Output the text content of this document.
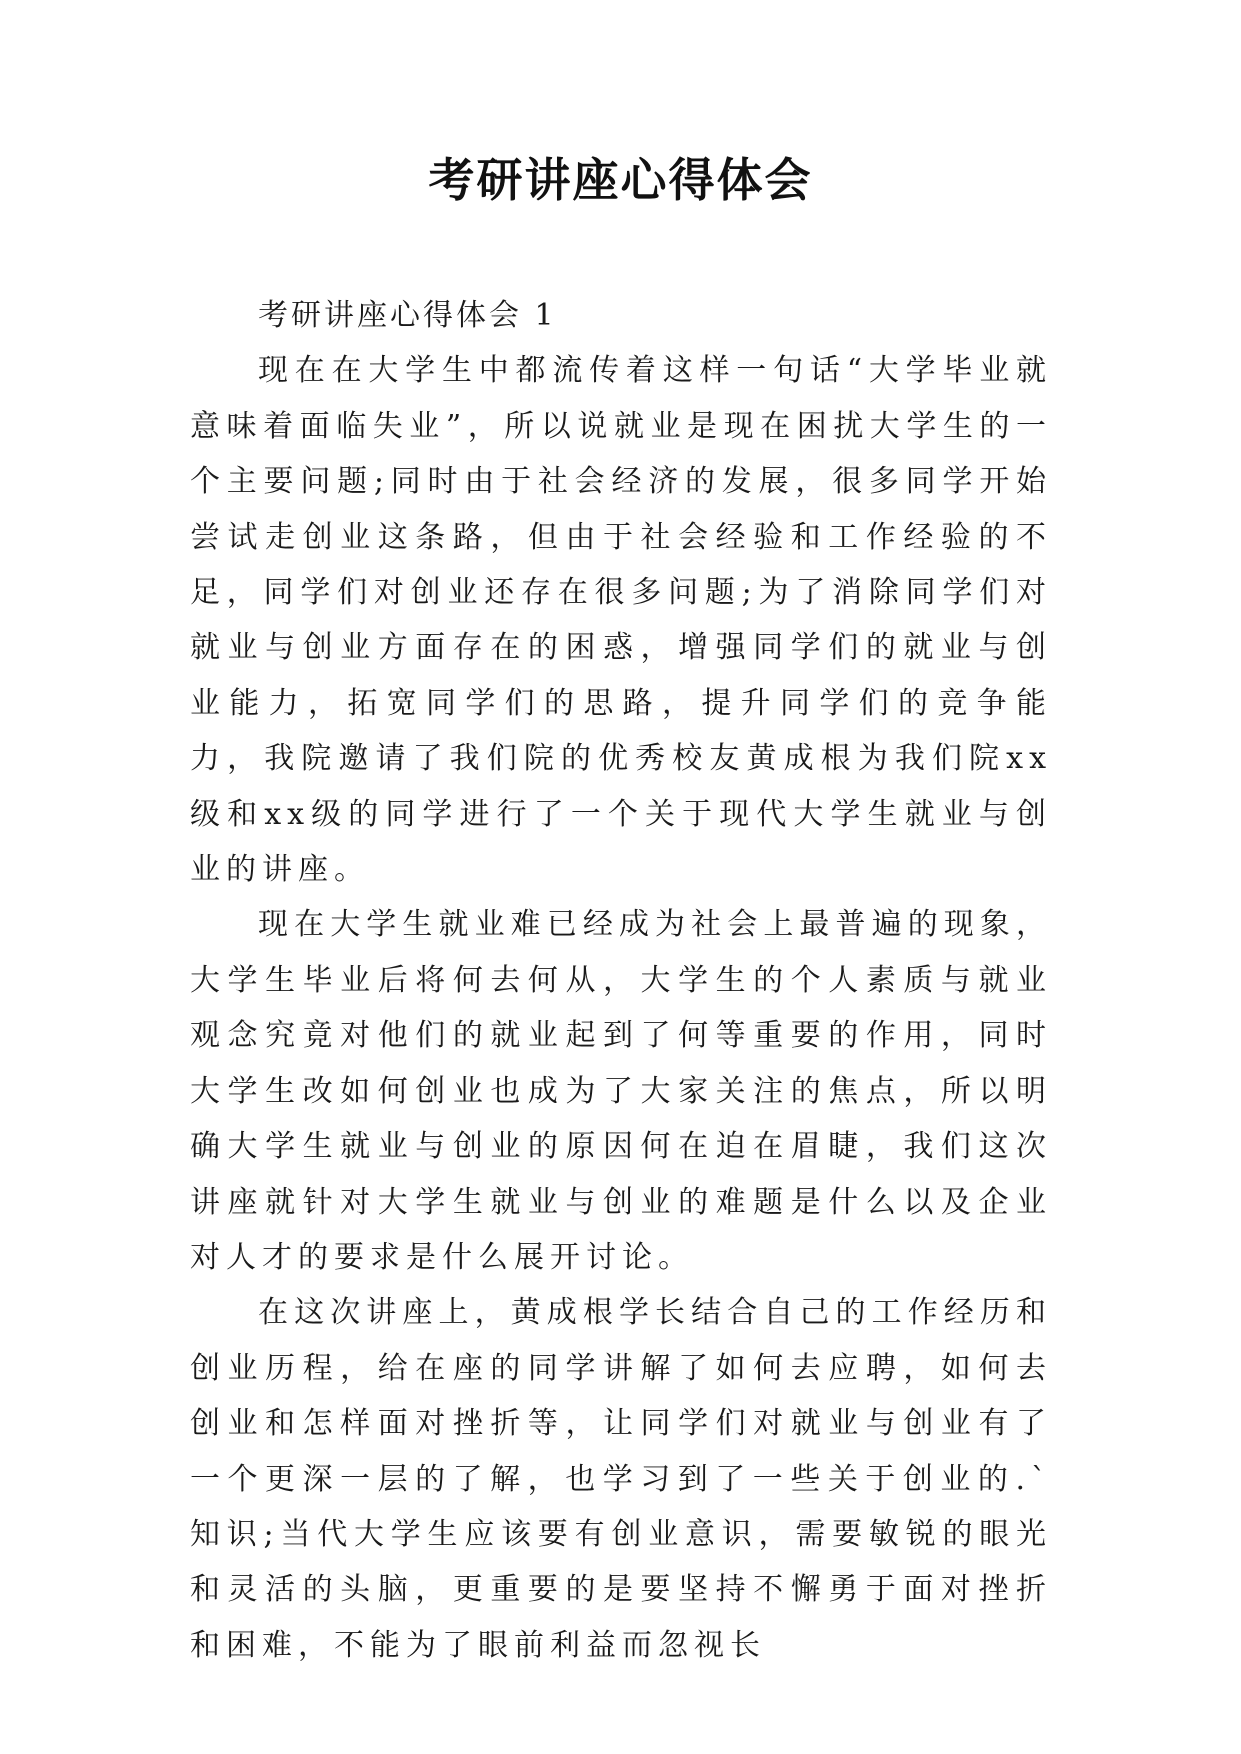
考研讲座心得体会

考研讲座心得体会 1

现在在大学生中都流传着这样一句话“大学毕业就意味着面临失业”，所以说就业是现在困扰大学生的一个主要问题;同时由于社会经济的发展，很多同学开始尝试走创业这条路，但由于社会经验和工作经验的不足，同学们对创业还存在很多问题;为了消除同学们对就业与创业方面存在的困惑，增强同学们的就业与创业能力，拓宽同学们的思路，提升同学们的竞争能力，我院邀请了我们院的优秀校友黄成根为我们院xx级和xx级的同学进行了一个关于现代大学生就业与创业的讲座。

现在大学生就业难已经成为社会上最普遍的现象，大学生毕业后将何去何从，大学生的个人素质与就业观念究竟对他们的就业起到了何等重要的作用，同时大学生改如何创业也成为了大家关注的焦点，所以明确大学生就业与创业的原因何在迫在眉睫，我们这次讲座就针对大学生就业与创业的难题是什么以及企业对人才的要求是什么展开讨论。

在这次讲座上，黄成根学长结合自己的工作经历和创业历程，给在座的同学讲解了如何去应聘，如何去创业和怎样面对挫折等，让同学们对就业与创业有了一个更深一层的了解，也学习到了一些关于创业的.`知识;当代大学生应该要有创业意识，需要敏锐的眼光和灵活的头脑，更重要的是要坚持不懈勇于面对挫折和困难，不能为了眼前利益而忽视长
